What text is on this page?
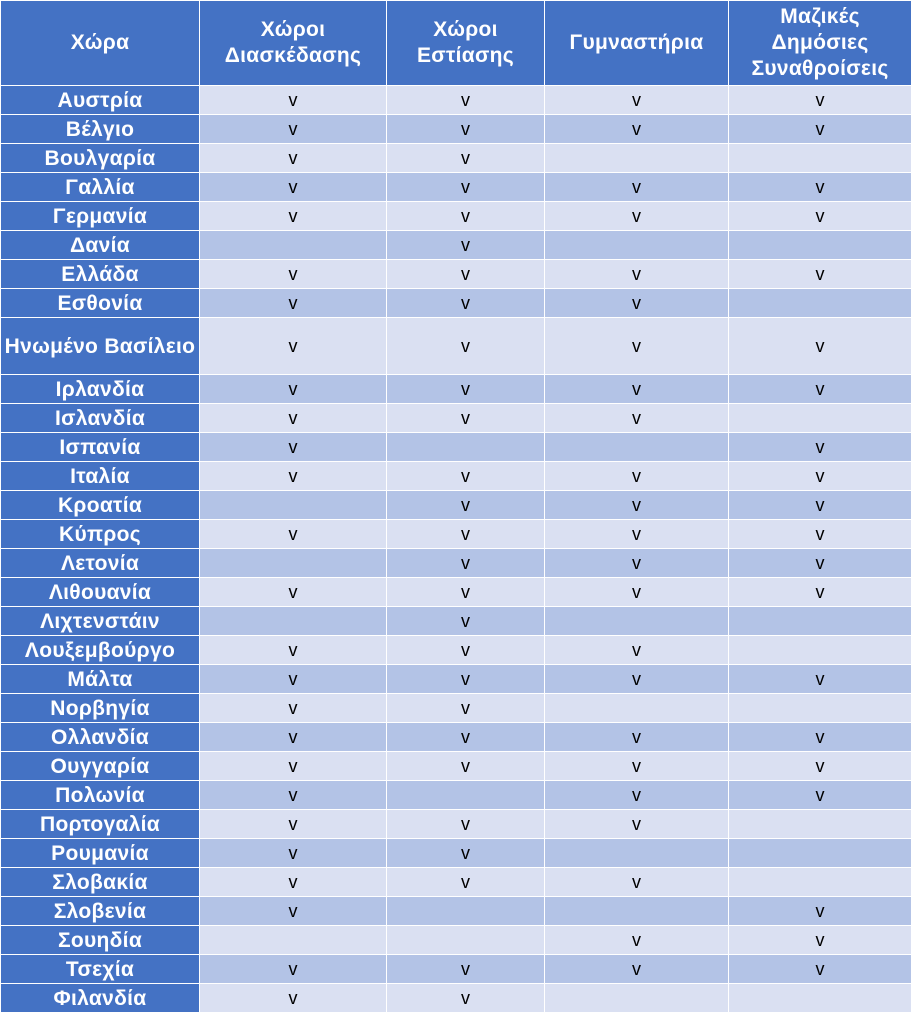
Χώρα	Χώροι Διασκέδασης	Χώροι Εστίασης	Γυμναστήρια	Μαζικές Δημόσιες Συναθροίσεις
Αυστρία	v	v	v	v
Βέλγιο	v	v	v	v
Βουλγαρία	v	v		
Γαλλία	v	v	v	v
Γερμανία	v	v	v	v
Δανία		v		
Ελλάδα	v	v	v	v
Εσθονία	v	v	v	
Ηνωμένο Βασίλειο	v	v	v	v
Ιρλανδία	v	v	v	v
Ισλανδία	v	v	v	
Ισπανία	v			v
Ιταλία	v	v	v	v
Κροατία		v	v	v
Κύπρος	v	v	v	v
Λετονία		v	v	v
Λιθουανία	v	v	v	v
Λιχτενστάιν		v		
Λουξεμβούργο	v	v	v	
Μάλτα	v	v	v	v
Νορβηγία	v	v		
Ολλανδία	v	v	v	v
Ουγγαρία	v	v	v	v
Πολωνία	v		v	v
Πορτογαλία	v	v	v	
Ρουμανία	v	v		
Σλοβακία	v	v	v	
Σλοβενία	v			v
Σουηδία			v	v
Τσεχία	v	v	v	v
Φιλανδία	v	v		
